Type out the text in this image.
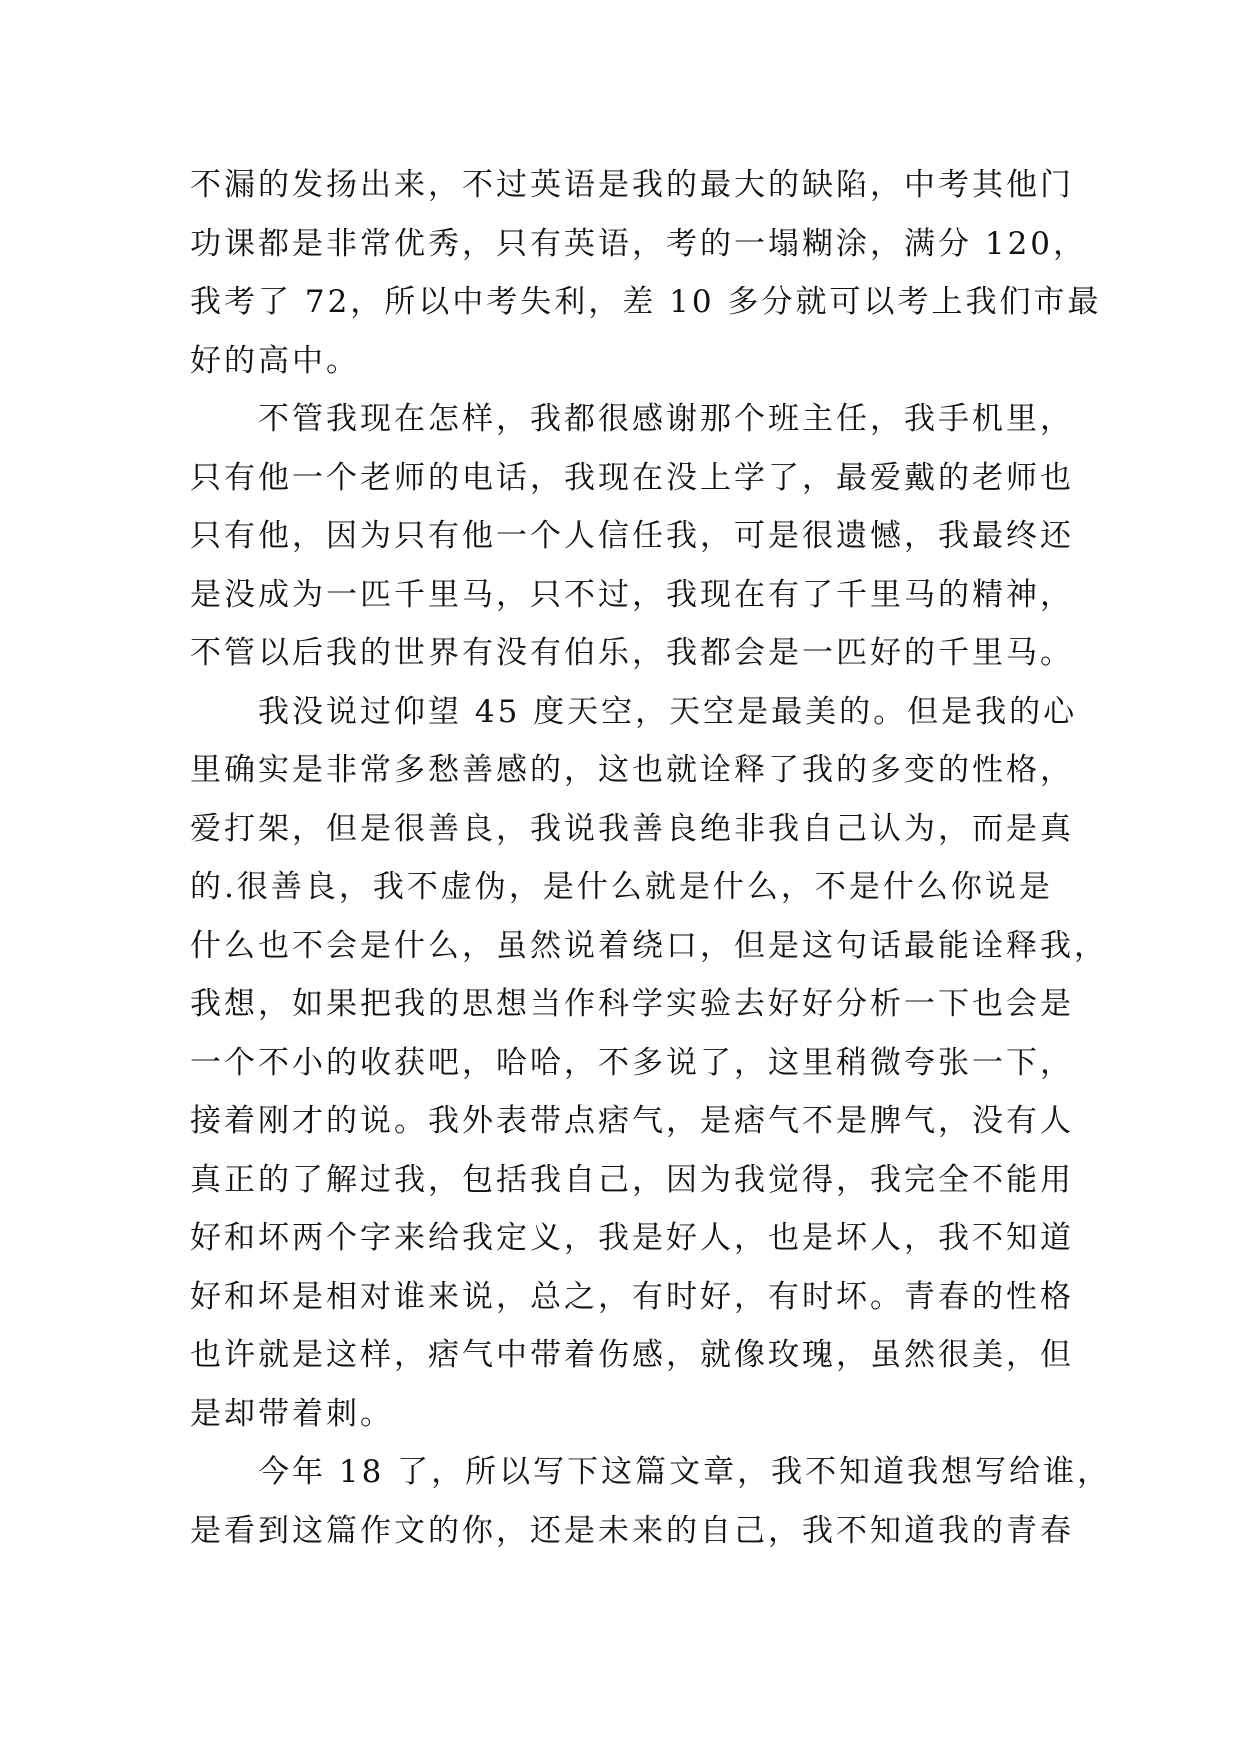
不漏的发扬出来，不过英语是我的最大的缺陷，中考其他门
功课都是非常优秀，只有英语，考的一塌糊涂，满分 120，
我考了 72，所以中考失利，差 10 多分就可以考上我们市最
好的高中。
不管我现在怎样，我都很感谢那个班主任，我手机里，
只有他一个老师的电话，我现在没上学了，最爱戴的老师也
只有他，因为只有他一个人信任我，可是很遗憾，我最终还
是没成为一匹千里马，只不过，我现在有了千里马的精神，
不管以后我的世界有没有伯乐，我都会是一匹好的千里马。
我没说过仰望 45 度天空，天空是最美的。但是我的心
里确实是非常多愁善感的，这也就诠释了我的多变的性格，
爱打架，但是很善良，我说我善良绝非我自己认为，而是真
的.很善良，我不虚伪，是什么就是什么，不是什么你说是
什么也不会是什么，虽然说着绕口，但是这句话最能诠释我，
我想，如果把我的思想当作科学实验去好好分析一下也会是
一个不小的收获吧，哈哈，不多说了，这里稍微夸张一下，
接着刚才的说。我外表带点痞气，是痞气不是脾气，没有人
真正的了解过我，包括我自己，因为我觉得，我完全不能用
好和坏两个字来给我定义，我是好人，也是坏人，我不知道
好和坏是相对谁来说，总之，有时好，有时坏。青春的性格
也许就是这样，痞气中带着伤感，就像玫瑰，虽然很美，但
是却带着刺。
今年 18 了，所以写下这篇文章，我不知道我想写给谁，
是看到这篇作文的你，还是未来的自己，我不知道我的青春
